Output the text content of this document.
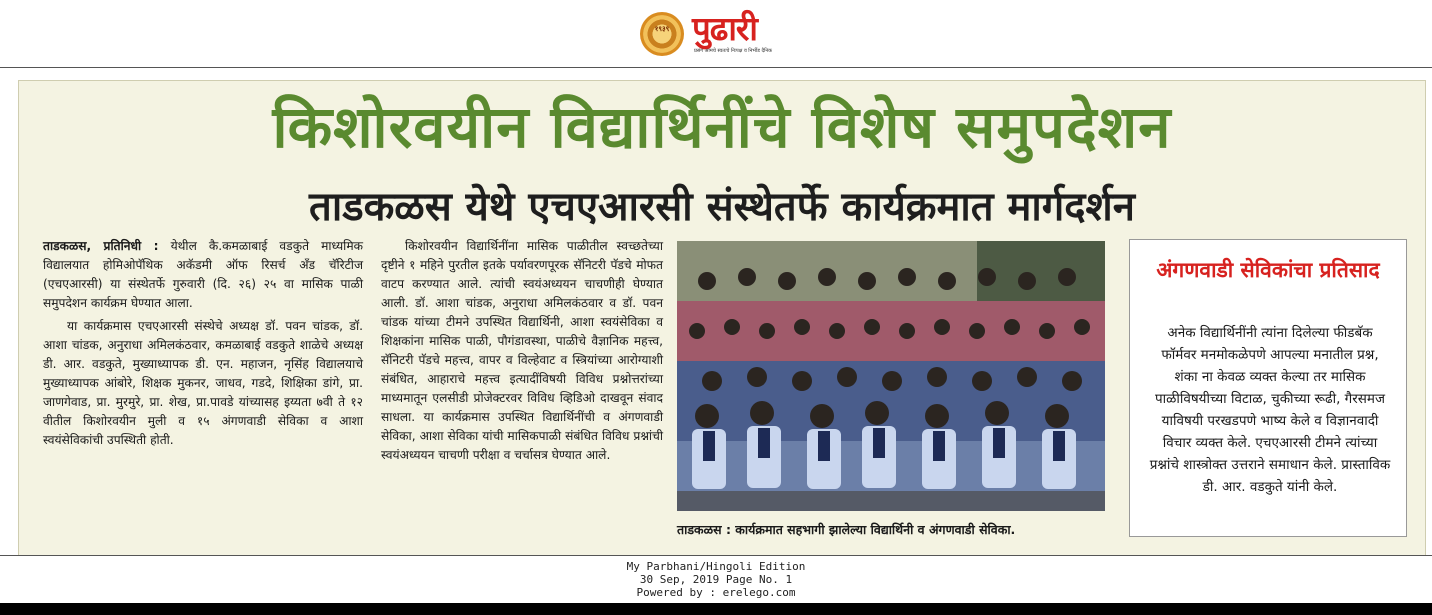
१९३९ पुढारी
प्रसंग आमचे स्वतःचे निःपक्ष व निर्भीड दैनिक
किशोरवयीन विद्यार्थिनींचे विशेष समुपदेशन
ताडकळस येथे एचएआरसी संस्थेतर्फे कार्यक्रमात मार्गदर्शन

ताडकळस, प्रतिनिधी : येथील कै.कमळाबाई वडकुते माध्यमिक विद्यालयात होमिओपॅथिक अकॅडमी ऑफ रिसर्च अँड चॅरिटीज (एचएआरसी) या संस्थेतर्फे गुरुवारी (दि. २६) २५ वा मासिक पाळी समुपदेशन कार्यक्रम घेण्यात आला.

या कार्यक्रमास एचएआरसी संस्थेचे अध्यक्ष डॉ. पवन चांडक, डॉ. आशा चांडक, अनुराधा अमिलकंठवार, कमळाबाई वडकुते शाळेचे अध्यक्ष डी. आर. वडकुते, मुख्याध्यापक डी. एन. महाजन, नृसिंह विद्यालयाचे मुख्याध्यापक आंबोरे, शिक्षक मुकनर, जाधव, गडदे, शिक्षिका डांगे, प्रा. जाणगेवाड, प्रा. मुरमुरे, प्रा. शेख, प्रा.पावडे यांच्यासह इय्यता ७वी ते १२ वीतील किशोरवयीन मुली व १५ अंगणवाडी सेविका व आशा स्वयंसेविकांची उपस्थिती होती.

किशोरवयीन विद्यार्थिनींना मासिक पाळीतील स्वच्छतेच्या दृष्टीने १ महिने पुरतील इतके पर्यावरणपूरक सॅनिटरी पॅडचे मोफत वाटप करण्यात आले. त्यांची स्वयंअध्ययन चाचणीही घेण्यात आली. डॉ. आशा चांडक, अनुराधा अमिलकंठवार व डॉ. पवन चांडक यांच्या टीमने उपस्थित विद्यार्थिनी, आशा स्वयंसेविका व शिक्षकांना मासिक पाळी, पौगंडावस्था, पाळीचे वैज्ञानिक महत्त्व, सॅनिटरी पॅडचे महत्त्व, वापर व विल्हेवाट व स्त्रियांच्या आरोग्याशी संबंधित, आहाराचे महत्त्व इत्यादींविषयी विविध प्रश्नोत्तरांच्या माध्यमातून एलसीडी प्रोजेक्टरवर विविध व्हिडिओ दाखवून संवाद साधला. या कार्यक्रमास उपस्थित विद्यार्थिनींची व अंगणवाडी सेविका, आशा सेविका यांची मासिकपाळी संबंधित विविध प्रश्नांची स्वयंअध्ययन चाचणी परीक्षा व चर्चासत्र घेण्यात आले.

ताडकळस : कार्यक्रमात सहभागी झालेल्या विद्यार्थिनी व अंगणवाडी सेविका.
अंगणवाडी सेविकांचा प्रतिसाद
अनेक विद्यार्थिनींनी त्यांना दिलेल्या फीडबॅक फॉर्मवर मनमोकळेपणे आपल्या मनातील प्रश्न, शंका ना केवळ व्यक्त केल्या तर मासिक पाळीविषयीच्या विटाळ, चुकीच्या रूढी, गैरसमज याविषयी परखडपणे भाष्य केले व विज्ञानवादी विचार व्यक्त केले. एचएआरसी टीमने त्यांच्या प्रश्नांचे शास्त्रोक्त उत्तराने समाधान केले. प्रास्ताविक डी. आर. वडकुते यांनी केले.
My Parbhani/Hingoli Edition
30 Sep, 2019 Page No. 1
Powered by : erelego.com
